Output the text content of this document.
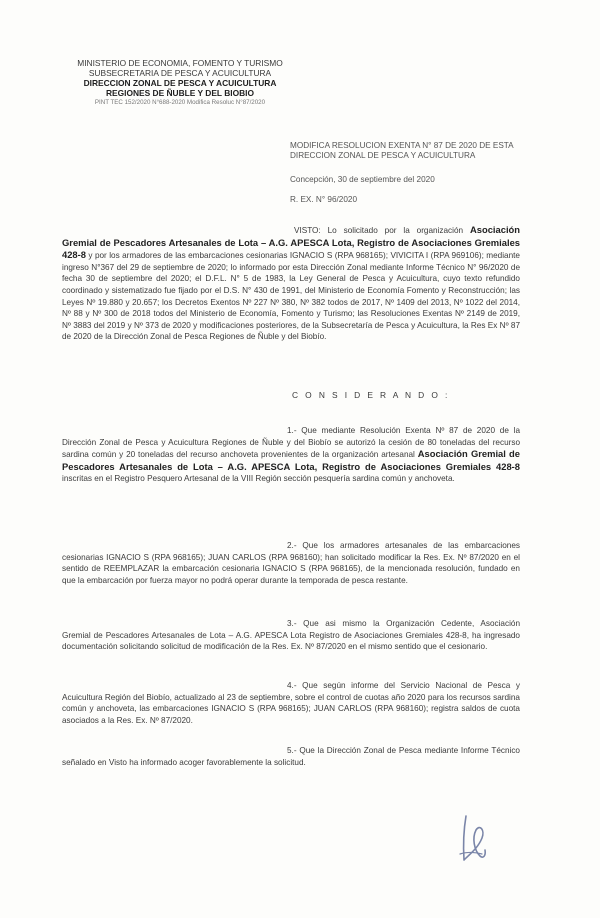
MINISTERIO DE ECONOMIA, FOMENTO Y TURISMO
SUBSECRETARIA DE PESCA Y ACUICULTURA
DIRECCION ZONAL DE PESCA Y ACUICULTURA
REGIONES DE ÑUBLE Y DEL BIOBIO
PINT TEC 152/2020 N°688-2020 Modifica Resoluc N°87/2020
MODIFICA RESOLUCION EXENTA N° 87 DE 2020 DE ESTA DIRECCION ZONAL DE PESCA Y ACUICULTURA
Concepción, 30 de septiembre del 2020
R. EX. N° 96/2020

VISTO: Lo solicitado por la organización Asociación Gremial de Pescadores Artesanales de Lota – A.G. APESCA Lota, Registro de Asociaciones Gremiales 428-8 y por los armadores de las embarcaciones cesionarias IGNACIO S (RPA 968165); VIVICITA I (RPA 969106); mediante ingreso N°367 del 29 de septiembre de 2020; lo informado por esta Dirección Zonal mediante Informe Técnico N° 96/2020 de fecha 30 de septiembre del 2020; el D.F.L. N° 5 de 1983, la Ley General de Pesca y Acuicultura, cuyo texto refundido coordinado y sistematizado fue fijado por el D.S. N° 430 de 1991, del Ministerio de Economía Fomento y Reconstrucción; las Leyes Nº 19.880 y 20.657; los Decretos Exentos Nº 227 Nº 380, Nº 382 todos de 2017, Nº 1409 del 2013, Nº 1022 del 2014, Nº 88 y Nº 300 de 2018 todos del Ministerio de Economía, Fomento y Turismo; las Resoluciones Exentas Nº 2149 de 2019, Nº 3883 del 2019 y Nº 373 de 2020 y modificaciones posteriores, de la Subsecretaría de Pesca y Acuicultura, la Res Ex Nº 87 de 2020 de la Dirección Zonal de Pesca Regiones de Ñuble y del Biobío.

C O N S I D E R A N D O :

1.- Que mediante Resolución Exenta Nº 87 de 2020 de la Dirección Zonal de Pesca y Acuicultura Regiones de Ñuble y del Biobío se autorizó la cesión de 80 toneladas del recurso sardina común y 20 toneladas del recurso anchoveta provenientes de la organización artesanal Asociación Gremial de Pescadores Artesanales de Lota – A.G. APESCA Lota, Registro de Asociaciones Gremiales 428-8 inscritas en el Registro Pesquero Artesanal de la VIII Región sección pesquería sardina común y anchoveta.

2.- Que los armadores artesanales de las embarcaciones cesionarias IGNACIO S (RPA 968165); JUAN CARLOS (RPA 968160); han solicitado modificar la Res. Ex. Nº 87/2020 en el sentido de REEMPLAZAR la embarcación cesionaria IGNACIO S (RPA 968165), de la mencionada resolución, fundado en que la embarcación por fuerza mayor no podrá operar durante la temporada de pesca restante.

3.- Que asi mismo la Organización Cedente, Asociación Gremial de Pescadores Artesanales de Lota – A.G. APESCA Lota Registro de Asociaciones Gremiales 428-8, ha ingresado documentación solicitando solicitud de modificación de la Res. Ex. Nº 87/2020 en el mismo sentido que el cesionario.

4.- Que según informe del Servicio Nacional de Pesca y Acuicultura Región del Biobío, actualizado al 23 de septiembre, sobre el control de cuotas año 2020 para los recursos sardina común y anchoveta, las embarcaciones IGNACIO S (RPA 968165); JUAN CARLOS (RPA 968160); registra saldos de cuota asociados a la Res. Ex. Nº 87/2020.

5.- Que la Dirección Zonal de Pesca mediante Informe Técnico señalado en Visto ha informado acoger favorablemente la solicitud.
